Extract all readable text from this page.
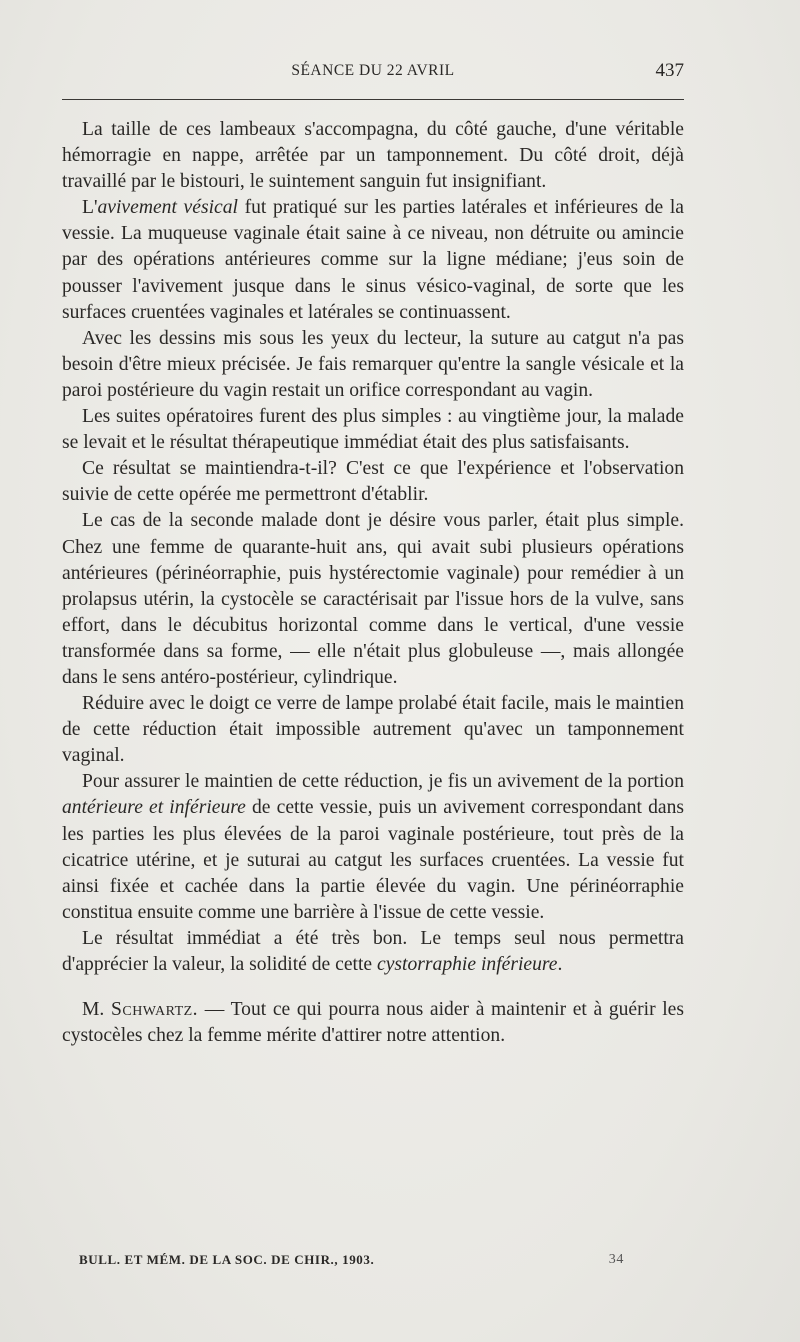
SÉANCE DU 22 AVRIL	437

La taille de ces lambeaux s'accompagna, du côté gauche, d'une véritable hémorragie en nappe, arrêtée par un tamponnement. Du côté droit, déjà travaillé par le bistouri, le suintement sanguin fut insignifiant.

L'avivement vésical fut pratiqué sur les parties latérales et inférieures de la vessie. La muqueuse vaginale était saine à ce niveau, non détruite ou amincie par des opérations antérieures comme sur la ligne médiane; j'eus soin de pousser l'avivement jusque dans le sinus vésico-vaginal, de sorte que les surfaces cruentées vaginales et latérales se continuassent.

Avec les dessins mis sous les yeux du lecteur, la suture au catgut n'a pas besoin d'être mieux précisée. Je fais remarquer qu'entre la sangle vésicale et la paroi postérieure du vagin restait un orifice correspondant au vagin.

Les suites opératoires furent des plus simples : au vingtième jour, la malade se levait et le résultat thérapeutique immédiat était des plus satisfaisants.

Ce résultat se maintiendra-t-il? C'est ce que l'expérience et l'observation suivie de cette opérée me permettront d'établir.

Le cas de la seconde malade dont je désire vous parler, était plus simple. Chez une femme de quarante-huit ans, qui avait subi plusieurs opérations antérieures (périnéorraphie, puis hystérectomie vaginale) pour remédier à un prolapsus utérin, la cystocèle se caractérisait par l'issue hors de la vulve, sans effort, dans le décubitus horizontal comme dans le vertical, d'une vessie transformée dans sa forme, — elle n'était plus globuleuse —, mais allongée dans le sens antéro-postérieur, cylindrique.

Réduire avec le doigt ce verre de lampe prolabé était facile, mais le maintien de cette réduction était impossible autrement qu'avec un tamponnement vaginal.

Pour assurer le maintien de cette réduction, je fis un avivement de la portion antérieure et inférieure de cette vessie, puis un avivement correspondant dans les parties les plus élevées de la paroi vaginale postérieure, tout près de la cicatrice utérine, et je suturai au catgut les surfaces cruentées. La vessie fut ainsi fixée et cachée dans la partie élevée du vagin. Une périnéorraphie constitua ensuite comme une barrière à l'issue de cette vessie.

Le résultat immédiat a été très bon. Le temps seul nous permettra d'apprécier la valeur, la solidité de cette cystorraphie inférieure.

M. Schwartz. — Tout ce qui pourra nous aider à maintenir et à guérir les cystocèles chez la femme mérite d'attirer notre attention.

BULL. ET MÉM. DE LA SOC. DE CHIR., 1903.	34
